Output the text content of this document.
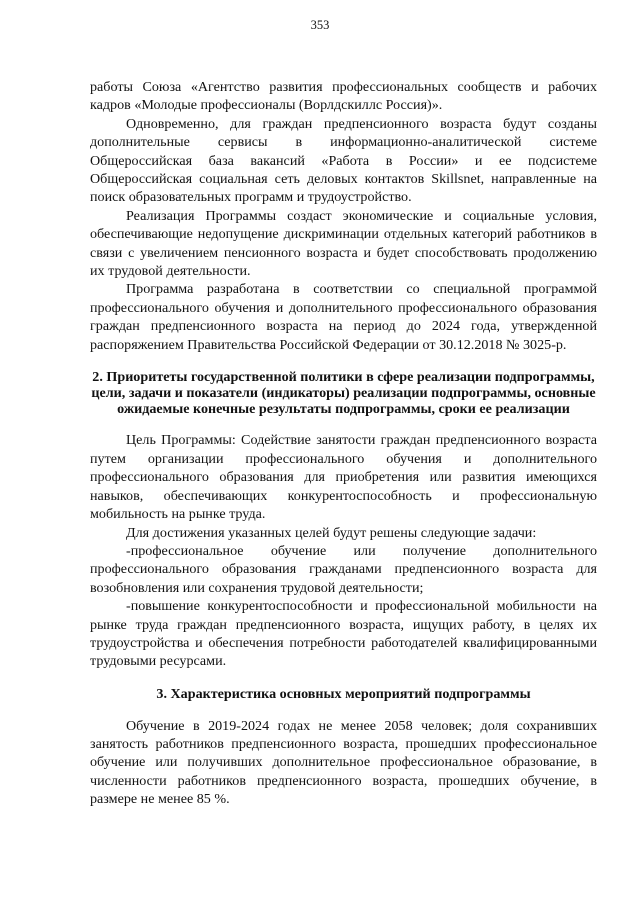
353

работы Союза «Агентство развития профессиональных сообществ и рабочих кадров «Молодые профессионалы (Ворлдскиллс Россия)».

Одновременно, для граждан предпенсионного возраста будут созданы дополнительные сервисы в информационно-аналитической системе Общероссийская база вакансий «Работа в России» и ее подсистеме Общероссийская социальная сеть деловых контактов Skillsnet, направленные на поиск образовательных программ и трудоустройство.

Реализация Программы создаст экономические и социальные условия, обеспечивающие недопущение дискриминации отдельных категорий работников в связи с увеличением пенсионного возраста и будет способствовать продолжению их трудовой деятельности.

Программа разработана в соответствии со специальной программой профессионального обучения и дополнительного профессионального образования граждан предпенсионного возраста на период до 2024 года, утвержденной распоряжением Правительства Российской Федерации от 30.12.2018 № 3025-р.

2. Приоритеты государственной политики в сфере реализации подпрограммы, цели, задачи и показатели (индикаторы) реализации подпрограммы, основные ожидаемые конечные результаты подпрограммы, сроки ее реализации

Цель Программы: Содействие занятости граждан предпенсионного возраста путем организации профессионального обучения и дополнительного профессионального образования для приобретения или развития имеющихся навыков, обеспечивающих конкурентоспособность и профессиональную мобильность на рынке труда.

Для достижения указанных целей будут решены следующие задачи:

-профессиональное обучение или получение дополнительного профессионального образования гражданами предпенсионного возраста для возобновления или сохранения трудовой деятельности;

-повышение конкурентоспособности и профессиональной мобильности на рынке труда граждан предпенсионного возраста, ищущих работу, в целях их трудоустройства и обеспечения потребности работодателей квалифицированными трудовыми ресурсами.

3. Характеристика основных мероприятий подпрограммы

Обучение в 2019-2024 годах не менее 2058 человек; доля сохранивших занятость работников предпенсионного возраста, прошедших профессиональное обучение или получивших дополнительное профессиональное образование, в численности работников предпенсионного возраста, прошедших обучение, в размере не менее 85 %.
